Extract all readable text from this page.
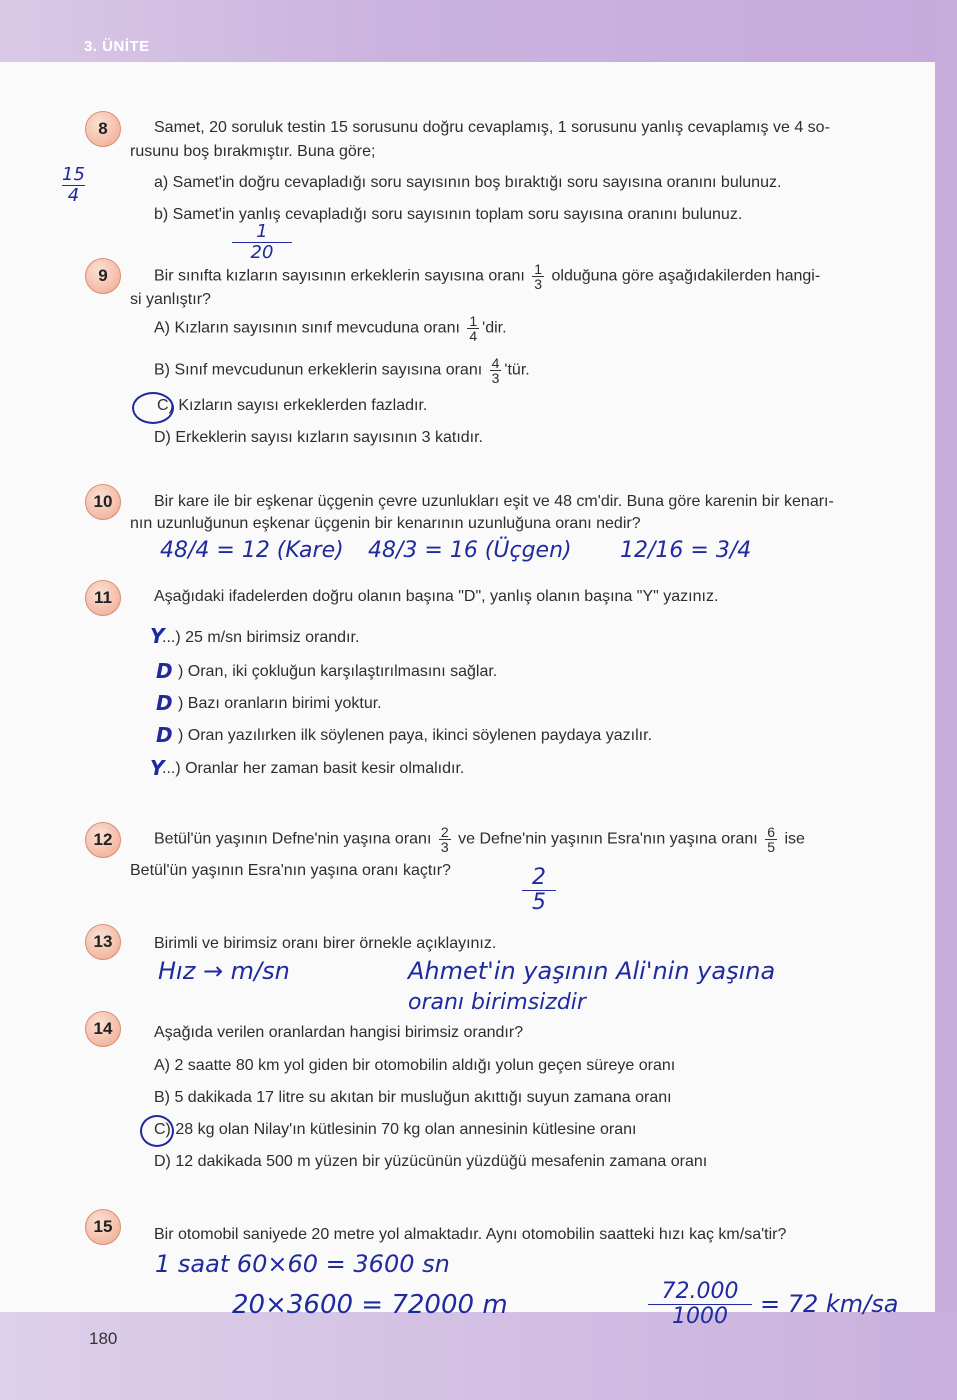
3. ÜNİTE
180
8	Samet, 20 soruluk testin 15 sorusunu doğru cevaplamış, 1 sorusunu yanlış cevaplamış ve 4 so-
rusunu boş bırakmıştır. Buna göre;
a) Samet'in doğru cevapladığı soru sayısının boş bıraktığı soru sayısına oranını bulunuz.
b) Samet'in yanlış cevapladığı soru sayısının toplam soru sayısına oranını bulunuz.
15
4
1
20
9	Bir sınıfta kızların sayısının erkeklerin sayısına oranı $\frac{1}{3}$ olduğuna göre aşağıdakilerden hangi-
si yanlıştır?
A) Kızların sayısının sınıf mevcuduna oranı $\frac{1}{4}$ 'dir.
B) Sınıf mevcudunun erkeklerin sayısına oranı $\frac{4}{3}$ 'tür.
C) Kızların sayısı erkeklerden fazladır.
D) Erkeklerin sayısı kızların sayısının 3 katıdır.
10	Bir kare ile bir eşkenar üçgenin çevre uzunlukları eşit ve 48 cm'dir. Buna göre karenin bir kenarı-
nın uzunluğunun eşkenar üçgenin bir kenarının uzunluğuna oranı nedir?
48/4 = 12 (Kare) 48/3 = 16 (Üçgen) 12/16 = 3/4
11	Aşağıdaki ifadelerden doğru olanın başına "D", yanlış olanın başına "Y" yazınız.
Y
...) 25 m/sn birimsiz orandır.
D ) Oran, iki çokluğun karşılaştırılmasını sağlar.
D ) Bazı oranların birimi yoktur.
D ) Oran yazılırken ilk söylenen paya, ikinci söylenen paydaya yazılır.
Y
...) Oranlar her zaman basit kesir olmalıdır.
12	Betül'ün yaşının Defne'nin yaşına oranı $\frac{2}{3}$ ve Defne'nin yaşının Esra'nın yaşına oranı $\frac{6}{5}$ ise
Betül'ün yaşının Esra'nın yaşına oranı kaçtır?	2
5
13	Birimli ve birimsiz oranı birer örnekle açıklayınız.
Hız → m/sn	Ahmet'in yaşının Ali'nin yaşına
oranı birimsizdir
14	Aşağıda verilen oranlardan hangisi birimsiz orandır?
A) 2 saatte 80 km yol giden bir otomobilin aldığı yolun geçen süreye oranı
B) 5 dakikada 17 litre su akıtan bir musluğun akıttığı suyun zamana oranı
C) 28 kg olan Nilay'ın kütlesinin 70 kg olan annesinin kütlesine oranı
D) 12 dakikada 500 m yüzen bir yüzücünün yüzdüğü mesafenin zamana oranı
15	Bir otomobil saniyede 20 metre yol almaktadır. Aynı otomobilin saatteki hızı kaç km/sa'tir?
1 saat 60×60 = 3600 sn
20×3600 = 72000 m	72.000
1000	= 72 km/sa
